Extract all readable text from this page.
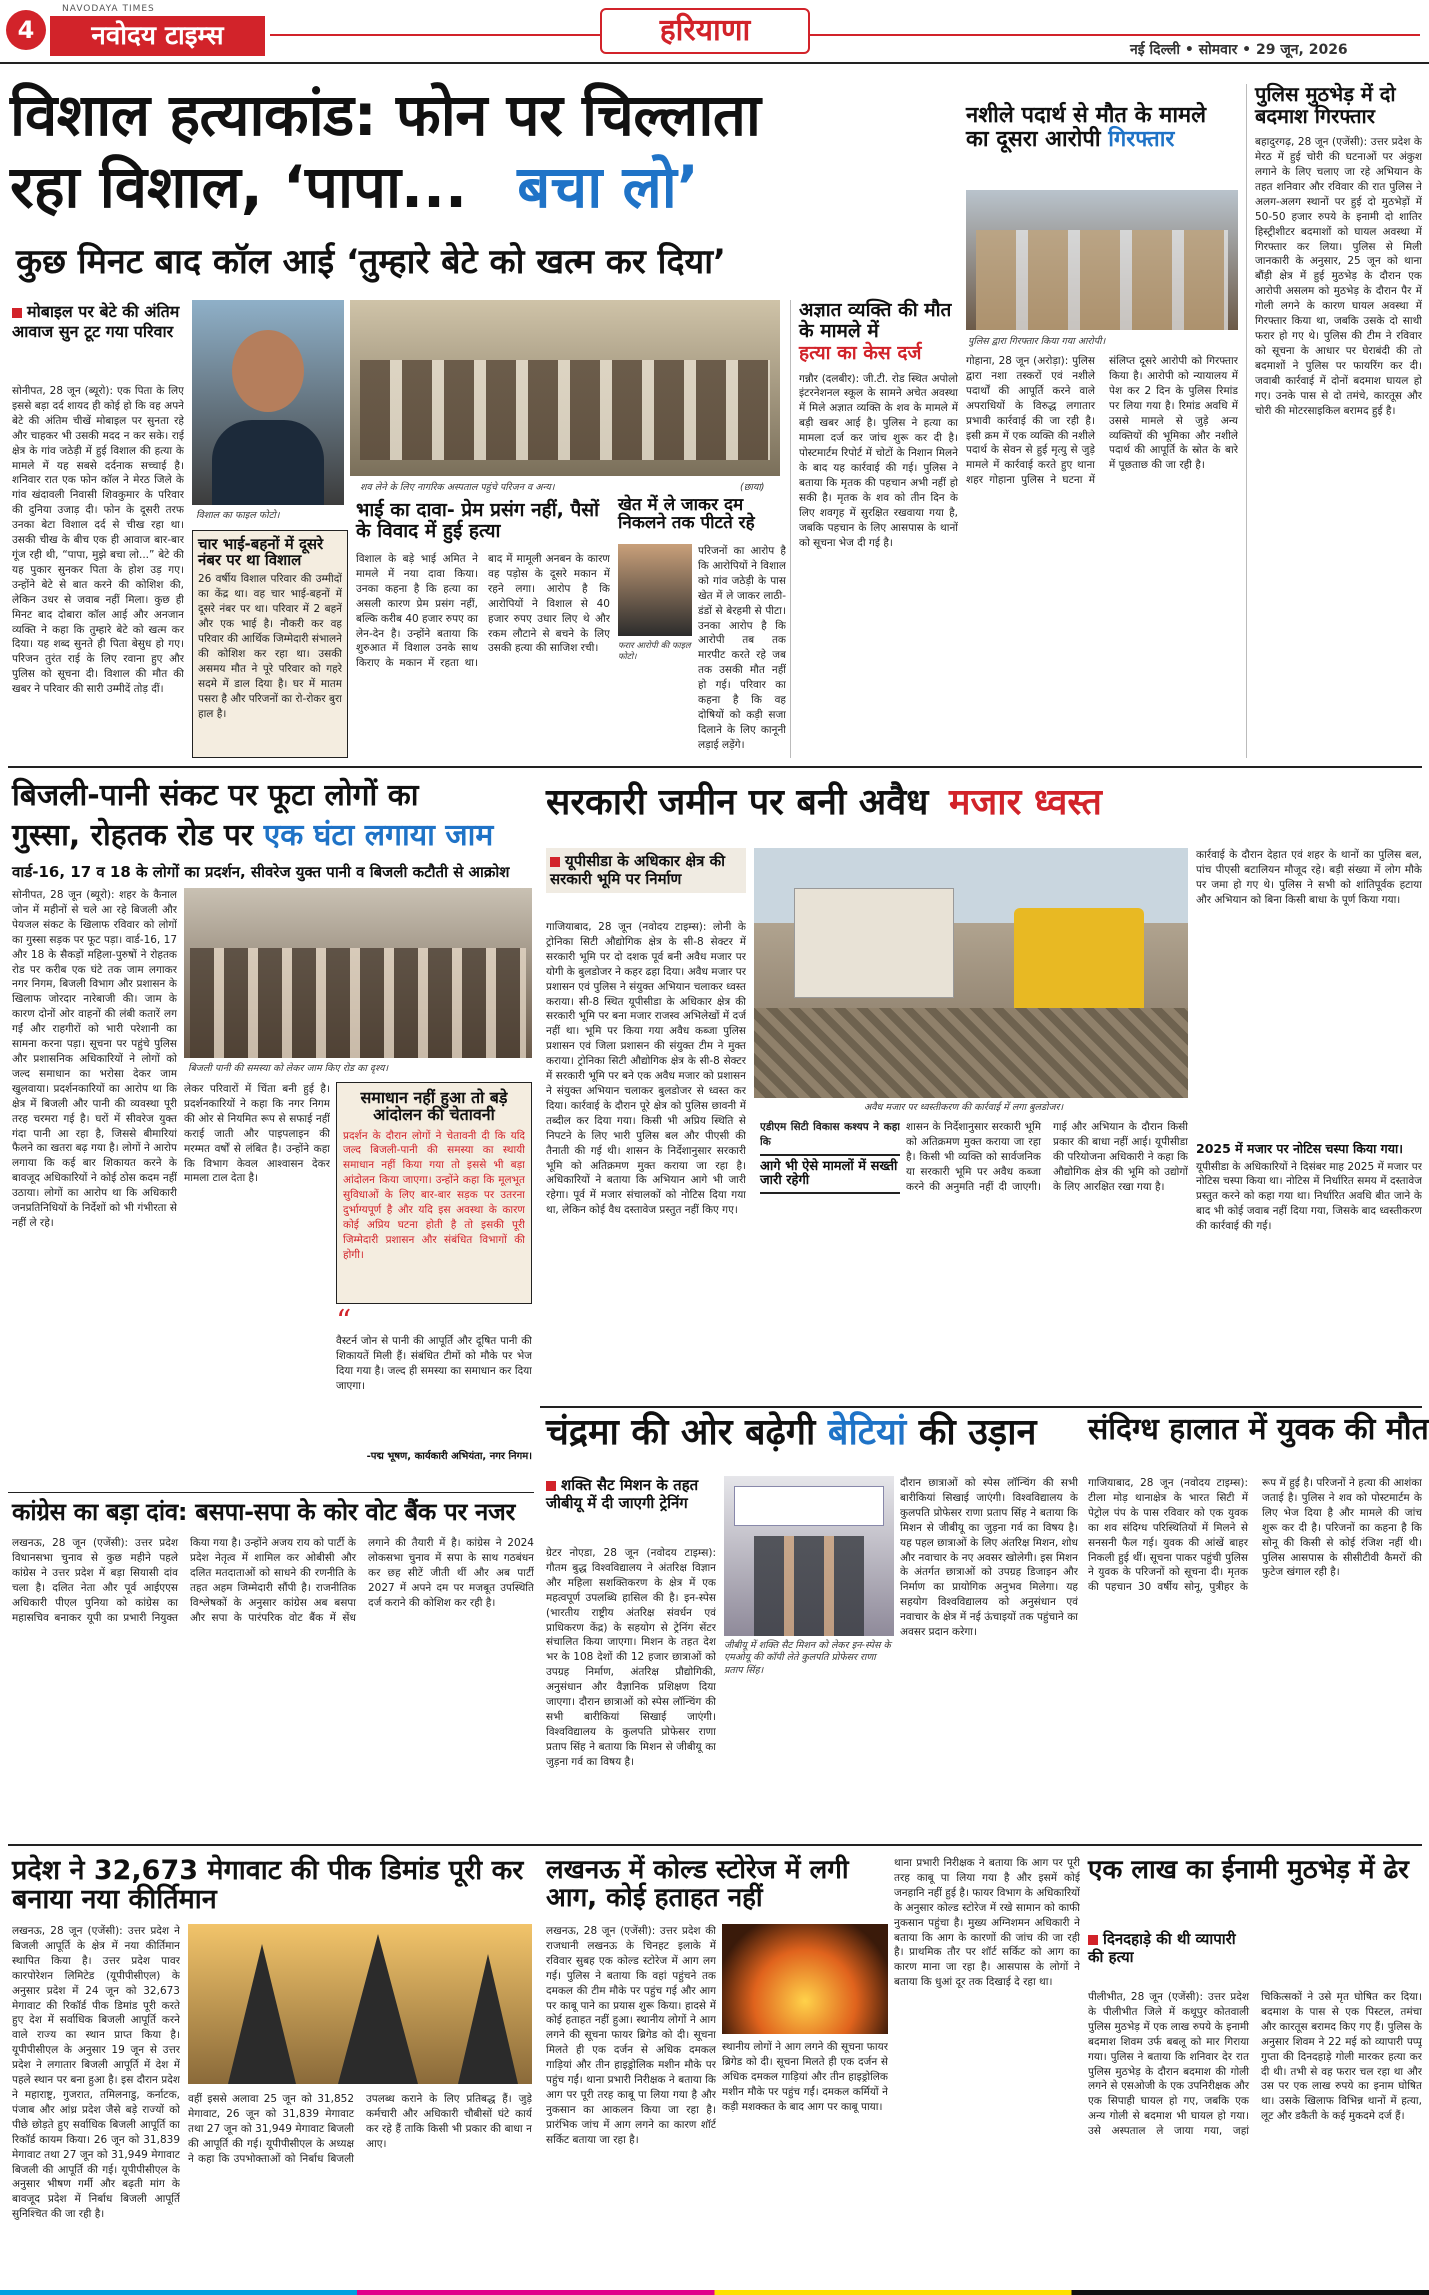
4
NAVODAYA TIMES
नवोदय टाइम्स	हरियाणा
नई दिल्ली • सोमवार • 29 जून, 2026
विशाल हत्याकांड: फोन पर चिल्लाता
रहा विशाल, ‘पापा... बचा लो’
कुछ मिनट बाद कॉल आई ‘तुम्हारे बेटे को खत्म कर दिया’
मोबाइल पर बेटे की अंतिम आवाज सुन टूट गया परिवार
सोनीपत, 28 जून (ब्यूरो): एक पिता के लिए इससे बड़ा दर्द शायद ही कोई हो कि वह अपने बेटे की अंतिम चीखें मोबाइल पर सुनता रहे और चाहकर भी उसकी मदद न कर सके। राई क्षेत्र के गांव जठेड़ी में हुई विशाल की हत्या के मामले में यह सबसे दर्दनाक सच्चाई है। शनिवार रात एक फोन कॉल ने मेरठ जिले के गांव खंदावली निवासी शिवकुमार के परिवार की दुनिया उजाड़ दी। फोन के दूसरी तरफ उनका बेटा विशाल दर्द से चीख रहा था। उसकी चीख के बीच एक ही आवाज बार-बार गूंज रही थी, “पापा, मुझे बचा लो...” बेटे की यह पुकार सुनकर पिता के होश उड़ गए। उन्होंने बेटे से बात करने की कोशिश की, लेकिन उधर से जवाब नहीं मिला। कुछ ही मिनट बाद दोबारा कॉल आई और अनजान व्यक्ति ने कहा कि तुम्हारे बेटे को खत्म कर दिया। यह शब्द सुनते ही पिता बेसुध हो गए। परिजन तुरंत राई के लिए रवाना हुए और पुलिस को सूचना दी। विशाल की मौत की खबर ने परिवार की सारी उम्मीदें तोड़ दीं।
विशाल का फाइल फोटो।
शव लेने के लिए नागरिक अस्पताल पहुंचे परिजन व अन्य।	(छाया)
चार भाई-बहनों में दूसरे नंबर पर था विशाल
26 वर्षीय विशाल परिवार की उम्मीदों का केंद्र था। वह चार भाई-बहनों में दूसरे नंबर पर था। परिवार में 2 बहनें और एक भाई है। नौकरी कर वह परिवार की आर्थिक जिम्मेदारी संभालने की कोशिश कर रहा था। उसकी असमय मौत ने पूरे परिवार को गहरे सदमे में डाल दिया है। घर में मातम पसरा है और परिजनों का रो-रोकर बुरा हाल है।
भाई का दावा- प्रेम प्रसंग नहीं, पैसों के विवाद में हुई हत्या
विशाल के बड़े भाई अमित ने मामले में नया दावा किया। उनका कहना है कि हत्या का असली कारण प्रेम प्रसंग नहीं, बल्कि करीब 40 हजार रुपए का लेन-देन है। उन्होंने बताया कि शुरुआत में विशाल उनके साथ किराए के मकान में रहता था। बाद में मामूली अनबन के कारण वह पड़ोस के दूसरे मकान में रहने लगा। आरोप है कि आरोपियों ने विशाल से 40 हजार रुपए उधार लिए थे और रकम लौटाने से बचने के लिए उसकी हत्या की साजिश रची।
खेत में ले जाकर दम निकलने तक पीटते रहे
फरार आरोपी की फाइल फोटो।
परिजनों का आरोप है कि आरोपियों ने विशाल को गांव जठेड़ी के पास खेत में ले जाकर लाठी-डंडों से बेरहमी से पीटा। उनका आरोप है कि आरोपी तब तक मारपीट करते रहे जब तक उसकी मौत नहीं हो गई। परिवार का कहना है कि वह दोषियों को कड़ी सजा दिलाने के लिए कानूनी लड़ाई लड़ेंगे।
अज्ञात व्यक्ति की मौत के मामले में
हत्या का केस दर्ज
गन्नौर (दलबीर): जी.टी. रोड स्थित अपोलो इंटरनेशनल स्कूल के सामने अचेत अवस्था में मिले अज्ञात व्यक्ति के शव के मामले में बड़ी खबर आई है। पुलिस ने हत्या का मामला दर्ज कर जांच शुरू कर दी है। पोस्टमार्टम रिपोर्ट में चोटों के निशान मिलने के बाद यह कार्रवाई की गई। पुलिस ने बताया कि मृतक की पहचान अभी नहीं हो सकी है। मृतक के शव को तीन दिन के लिए शवगृह में सुरक्षित रखवाया गया है, जबकि पहचान के लिए आसपास के थानों को सूचना भेज दी गई है।
नशीले पदार्थ से मौत के मामले का दूसरा आरोपी गिरफ्तार
पुलिस द्वारा गिरफ्तार किया गया आरोपी।
गोहाना, 28 जून (अरोड़ा): पुलिस द्वारा नशा तस्करों एवं नशीले पदार्थों की आपूर्ति करने वाले अपराधियों के विरुद्ध लगातार प्रभावी कार्रवाई की जा रही है। इसी क्रम में एक व्यक्ति की नशीले पदार्थ के सेवन से हुई मृत्यु से जुड़े मामले में कार्रवाई करते हुए थाना शहर गोहाना पुलिस ने घटना में संलिप्त दूसरे आरोपी को गिरफ्तार किया है। आरोपी को न्यायालय में पेश कर 2 दिन के पुलिस रिमांड पर लिया गया है। रिमांड अवधि में उससे मामले से जुड़े अन्य व्यक्तियों की भूमिका और नशीले पदार्थ की आपूर्ति के स्रोत के बारे में पूछताछ की जा रही है।
पुलिस मुठभेड़ में दो बदमाश गिरफ्तार
बहादुरगढ़, 28 जून (एजेंसी): उत्तर प्रदेश के मेरठ में हुई चोरी की घटनाओं पर अंकुश लगाने के लिए चलाए जा रहे अभियान के तहत शनिवार और रविवार की रात पुलिस ने अलग-अलग स्थानों पर हुई दो मुठभेड़ों में 50-50 हजार रुपये के इनामी दो शातिर हिस्ट्रीशीटर बदमाशों को घायल अवस्था में गिरफ्तार कर लिया। पुलिस से मिली जानकारी के अनुसार, 25 जून को थाना बौंड़ी क्षेत्र में हुई मुठभेड़ के दौरान एक आरोपी असलम को मुठभेड़ के दौरान पैर में गोली लगने के कारण घायल अवस्था में गिरफ्तार किया था, जबकि उसके दो साथी फरार हो गए थे। पुलिस की टीम ने रविवार को सूचना के आधार पर घेराबंदी की तो बदमाशों ने पुलिस पर फायरिंग कर दी। जवाबी कार्रवाई में दोनों बदमाश घायल हो गए। उनके पास से दो तमंचे, कारतूस और चोरी की मोटरसाइकिल बरामद हुई है।
बिजली-पानी संकट पर फूटा लोगों का
गुस्सा, रोहतक रोड पर एक घंटा लगाया जाम
वार्ड-16, 17 व 18 के लोगों का प्रदर्शन, सीवरेज युक्त पानी व बिजली कटौती से आक्रोश
सोनीपत, 28 जून (ब्यूरो): शहर के कैनाल जोन में महीनों से चले आ रहे बिजली और पेयजल संकट के खिलाफ रविवार को लोगों का गुस्सा सड़क पर फूट पड़ा। वार्ड-16, 17 और 18 के सैकड़ों महिला-पुरुषों ने रोहतक रोड पर करीब एक घंटे तक जाम लगाकर नगर निगम, बिजली विभाग और प्रशासन के खिलाफ जोरदार नारेबाजी की। जाम के कारण दोनों ओर वाहनों की लंबी कतारें लग गईं और राहगीरों को भारी परेशानी का सामना करना पड़ा। सूचना पर पहुंचे पुलिस और प्रशासनिक अधिकारियों ने लोगों को जल्द समाधान का भरोसा देकर जाम खुलवाया। प्रदर्शनकारियों का आरोप था कि क्षेत्र में बिजली और पानी की व्यवस्था पूरी तरह चरमरा गई है। घरों में सीवरेज युक्त गंदा पानी आ रहा है, जिससे बीमारियां फैलने का खतरा बढ़ गया है। लोगों ने आरोप लगाया कि कई बार शिकायत करने के बावजूद अधिकारियों ने कोई ठोस कदम नहीं उठाया। लोगों का आरोप था कि अधिकारी जनप्रतिनिधियों के निर्देशों को भी गंभीरता से नहीं ले रहे।
बिजली पानी की समस्या को लेकर जाम किए रोड का दृश्य।
समाधान नहीं हुआ तो बड़े आंदोलन की चेतावनी
प्रदर्शन के दौरान लोगों ने चेतावनी दी कि यदि जल्द बिजली-पानी की समस्या का स्थायी समाधान नहीं किया गया तो इससे भी बड़ा आंदोलन किया जाएगा। उन्होंने कहा कि मूलभूत सुविधाओं के लिए बार-बार सड़क पर उतरना दुर्भाग्यपूर्ण है और यदि इस अवस्था के कारण कोई अप्रिय घटना होती है तो इसकी पूरी जिम्मेदारी प्रशासन और संबंधित विभागों की होगी।
लेकर परिवारों में चिंता बनी हुई है। प्रदर्शनकारियों ने कहा कि नगर निगम की ओर से नियमित रूप से सफाई नहीं कराई जाती और पाइपलाइन की मरम्मत वर्षों से लंबित है। उन्होंने कहा कि विभाग केवल आश्वासन देकर मामला टाल देता है।
“
वैस्टर्न जोन से पानी की आपूर्ति और दूषित पानी की शिकायतें मिली हैं। संबंधित टीमों को मौके पर भेज दिया गया है। जल्द ही समस्या का समाधान कर दिया जाएगा।
-पद्म भूषण, कार्यकारी अभियंता, नगर निगम।
सरकारी जमीन पर बनी अवैध मजार ध्वस्त
यूपीसीडा के अधिकार क्षेत्र की सरकारी भूमि पर निर्माण
गाजियाबाद, 28 जून (नवोदय टाइम्स): लोनी के ट्रोनिका सिटी औद्योगिक क्षेत्र के सी-8 सेक्टर में सरकारी भूमि पर दो दशक पूर्व बनी अवैध मजार पर योगी के बुलडोजर ने कहर ढहा दिया। अवैध मजार पर प्रशासन एवं पुलिस ने संयुक्त अभियान चलाकर ध्वस्त कराया। सी-8 स्थित यूपीसीडा के अधिकार क्षेत्र की सरकारी भूमि पर बना मजार राजस्व अभिलेखों में दर्ज नहीं था। भूमि पर किया गया अवैध कब्जा पुलिस प्रशासन एवं जिला प्रशासन की संयुक्त टीम ने मुक्त कराया। ट्रोनिका सिटी औद्योगिक क्षेत्र के सी-8 सेक्टर में सरकारी भूमि पर बने एक अवैध मजार को प्रशासन ने संयुक्त अभियान चलाकर बुलडोजर से ध्वस्त कर दिया। कार्रवाई के दौरान पूरे क्षेत्र को पुलिस छावनी में तब्दील कर दिया गया। किसी भी अप्रिय स्थिति से निपटने के लिए भारी पुलिस बल और पीएसी की तैनाती की गई थी। शासन के निर्देशानुसार सरकारी भूमि को अतिक्रमण मुक्त कराया जा रहा है। अधिकारियों ने बताया कि अभियान आगे भी जारी रहेगा। पूर्व में मजार संचालकों को नोटिस दिया गया था, लेकिन कोई वैध दस्तावेज प्रस्तुत नहीं किए गए।
अवैध मजार पर ध्वस्तीकरण की कार्रवाई में लगा बुलडोजर।
एडीएम सिटी विकास कश्यप ने कहा कि
आगे भी ऐसे मामलों में सख्ती जारी रहेगी
शासन के निर्देशानुसार सरकारी भूमि को अतिक्रमण मुक्त कराया जा रहा है। किसी भी व्यक्ति को सार्वजनिक या सरकारी भूमि पर अवैध कब्जा करने की अनुमति नहीं दी जाएगी। गाई और अभियान के दौरान किसी प्रकार की बाधा नहीं आई। यूपीसीडा की परियोजना अधिकारी ने कहा कि औद्योगिक क्षेत्र की भूमि को उद्योगों के लिए आरक्षित रखा गया है।
कार्रवाई के दौरान देहात एवं शहर के थानों का पुलिस बल, पांच पीएसी बटालियन मौजूद रहे। बड़ी संख्या में लोग मौके पर जमा हो गए थे। पुलिस ने सभी को शांतिपूर्वक हटाया और अभियान को बिना किसी बाधा के पूर्ण किया गया।
2025 में मजार पर नोटिस चस्पा किया गया।
यूपीसीडा के अधिकारियों ने दिसंबर माह 2025 में मजार पर नोटिस चस्पा किया था। नोटिस में निर्धारित समय में दस्तावेज प्रस्तुत करने को कहा गया था। निर्धारित अवधि बीत जाने के बाद भी कोई जवाब नहीं दिया गया, जिसके बाद ध्वस्तीकरण की कार्रवाई की गई।
चंद्रमा की ओर बढ़ेगी बेटियां की उड़ान
शक्ति सैट मिशन के तहत जीबीयू में दी जाएगी ट्रेनिंग
ग्रेटर नोएडा, 28 जून (नवोदय टाइम्स): गौतम बुद्ध विश्वविद्यालय ने अंतरिक्ष विज्ञान और महिला सशक्तिकरण के क्षेत्र में एक महत्वपूर्ण उपलब्धि हासिल की है। इन-स्पेस (भारतीय राष्ट्रीय अंतरिक्ष संवर्धन एवं प्राधिकरण केंद्र) के सहयोग से ट्रेनिंग सेंटर संचालित किया जाएगा। मिशन के तहत देश भर के 108 देशों की 12 हजार छात्राओं को उपग्रह निर्माण, अंतरिक्ष प्रौद्योगिकी, अनुसंधान और वैज्ञानिक प्रशिक्षण दिया जाएगा। दौरान छात्राओं को स्पेस लॉन्चिंग की सभी बारीकियां सिखाई जाएंगी। विश्वविद्यालय के कुलपति प्रोफेसर राणा प्रताप सिंह ने बताया कि मिशन से जीबीयू का जुड़ना गर्व का विषय है।
जीबीयू में शक्ति सैट मिशन को लेकर इन-स्पेस के एमओयू की कॉपी लेते कुलपति प्रोफेसर राणा प्रताप सिंह।
दौरान छात्राओं को स्पेस लॉन्चिंग की सभी बारीकियां सिखाई जाएंगी। विश्वविद्यालय के कुलपति प्रोफेसर राणा प्रताप सिंह ने बताया कि मिशन से जीबीयू का जुड़ना गर्व का विषय है। यह पहल छात्राओं के लिए अंतरिक्ष मिशन, शोध और नवाचार के नए अवसर खोलेगी। इस मिशन के अंतर्गत छात्राओं को उपग्रह डिजाइन और निर्माण का प्रायोगिक अनुभव मिलेगा। यह सहयोग विश्वविद्यालय को अनुसंधान एवं नवाचार के क्षेत्र में नई ऊंचाइयों तक पहुंचाने का अवसर प्रदान करेगा।
संदिग्ध हालात में युवक की मौत
गाजियाबाद, 28 जून (नवोदय टाइम्स): टीला मोड़ थानाक्षेत्र के भारत सिटी में पेट्रोल पंप के पास रविवार को एक युवक का शव संदिग्ध परिस्थितियों में मिलने से सनसनी फैल गई। युवक की आंखें बाहर निकली हुई थीं। सूचना पाकर पहुंची पुलिस ने युवक के परिजनों को सूचना दी। मृतक की पहचान 30 वर्षीय सोनू, पुत्रीहर के रूप में हुई है। परिजनों ने हत्या की आशंका जताई है। पुलिस ने शव को पोस्टमार्टम के लिए भेज दिया है और मामले की जांच शुरू कर दी है। परिजनों का कहना है कि सोनू की किसी से कोई रंजिश नहीं थी। पुलिस आसपास के सीसीटीवी कैमरों की फुटेज खंगाल रही है।
कांग्रेस का बड़ा दांव: बसपा-सपा के कोर वोट बैंक पर नजर
लखनऊ, 28 जून (एजेंसी): उत्तर प्रदेश विधानसभा चुनाव से कुछ महीने पहले कांग्रेस ने उत्तर प्रदेश में बड़ा सियासी दांव चला है। दलित नेता और पूर्व आईएएस अधिकारी पीएल पुनिया को कांग्रेस का महासचिव बनाकर यूपी का प्रभारी नियुक्त किया गया है। उन्होंने अजय राय को पार्टी के प्रदेश नेतृत्व में शामिल कर ओबीसी और दलित मतदाताओं को साधने की रणनीति के तहत अहम जिम्मेदारी सौंपी है। राजनीतिक विश्लेषकों के अनुसार कांग्रेस अब बसपा और सपा के पारंपरिक वोट बैंक में सेंध लगाने की तैयारी में है। कांग्रेस ने 2024 लोकसभा चुनाव में सपा के साथ गठबंधन कर छह सीटें जीती थीं और अब पार्टी 2027 में अपने दम पर मजबूत उपस्थिति दर्ज कराने की कोशिश कर रही है।
प्रदेश ने 32,673 मेगावाट की पीक डिमांड पूरी कर बनाया नया कीर्तिमान
लखनऊ, 28 जून (एजेंसी): उत्तर प्रदेश ने बिजली आपूर्ति के क्षेत्र में नया कीर्तिमान स्थापित किया है। उत्तर प्रदेश पावर कारपोरेशन लिमिटेड (यूपीपीसीएल) के अनुसार प्रदेश में 24 जून को 32,673 मेगावाट की रिकॉर्ड पीक डिमांड पूरी करते हुए देश में सर्वाधिक बिजली आपूर्ति करने वाले राज्य का स्थान प्राप्त किया है। यूपीपीसीएल के अनुसार 19 जून से उत्तर प्रदेश ने लगातार बिजली आपूर्ति में देश में पहले स्थान पर बना हुआ है। इस दौरान प्रदेश ने महाराष्ट्र, गुजरात, तमिलनाडु, कर्नाटक, पंजाब और आंध्र प्रदेश जैसे बड़े राज्यों को पीछे छोड़ते हुए सर्वाधिक बिजली आपूर्ति का रिकॉर्ड कायम किया। 26 जून को 31,839 मेगावाट तथा 27 जून को 31,949 मेगावाट बिजली की आपूर्ति की गई। यूपीपीसीएल के अनुसार भीषण गर्मी और बढ़ती मांग के बावजूद प्रदेश में निर्बाध बिजली आपूर्ति सुनिश्चित की जा रही है।
वहीं इससे अलावा 25 जून को 31,852 मेगावाट, 26 जून को 31,839 मेगावाट तथा 27 जून को 31,949 मेगावाट बिजली की आपूर्ति की गई। यूपीपीसीएल के अध्यक्ष ने कहा कि उपभोक्ताओं को निर्बाध बिजली उपलब्ध कराने के लिए प्रतिबद्ध हैं। जुड़े कर्मचारी और अधिकारी चौबीसों घंटे कार्य कर रहे हैं ताकि किसी भी प्रकार की बाधा न आए।
लखनऊ में कोल्ड स्टोरेज में लगी आग, कोई हताहत नहीं
लखनऊ, 28 जून (एजेंसी): उत्तर प्रदेश की राजधानी लखनऊ के चिनहट इलाके में रविवार सुबह एक कोल्ड स्टोरेज में आग लग गई। पुलिस ने बताया कि वहां पहुंचने तक दमकल की टीम मौके पर पहुंच गई और आग पर काबू पाने का प्रयास शुरू किया। हादसे में कोई हताहत नहीं हुआ। स्थानीय लोगों ने आग लगने की सूचना फायर ब्रिगेड को दी। सूचना मिलते ही एक दर्जन से अधिक दमकल गाड़ियां और तीन हाइड्रोलिक मशीन मौके पर पहुंच गईं। थाना प्रभारी निरीक्षक ने बताया कि आग पर पूरी तरह काबू पा लिया गया है और नुकसान का आकलन किया जा रहा है। प्रारंभिक जांच में आग लगने का कारण शॉर्ट सर्किट बताया जा रहा है।
स्थानीय लोगों ने आग लगने की सूचना फायर ब्रिगेड को दी। सूचना मिलते ही एक दर्जन से अधिक दमकल गाड़ियां और तीन हाइड्रोलिक मशीन मौके पर पहुंच गईं। दमकल कर्मियों ने कड़ी मशक्कत के बाद आग पर काबू पाया।
थाना प्रभारी निरीक्षक ने बताया कि आग पर पूरी तरह काबू पा लिया गया है और इसमें कोई जनहानि नहीं हुई है। फायर विभाग के अधिकारियों के अनुसार कोल्ड स्टोरेज में रखे सामान को काफी नुकसान पहुंचा है। मुख्य अग्निशमन अधिकारी ने बताया कि आग के कारणों की जांच की जा रही है। प्राथमिक तौर पर शॉर्ट सर्किट को आग का कारण माना जा रहा है। आसपास के लोगों ने बताया कि धुआं दूर तक दिखाई दे रहा था।
एक लाख का ईनामी मुठभेड़ में ढेर
दिनदहाड़े की थी व्यापारी की हत्या
पीलीभीत, 28 जून (एजेंसी): उत्तर प्रदेश के पीलीभीत जिले में कथूपुर कोतवाली पुलिस मुठभेड़ में एक लाख रुपये के इनामी बदमाश शिवम उर्फ बबलू को मार गिराया गया। पुलिस ने बताया कि शनिवार देर रात पुलिस मुठभेड़ के दौरान बदमाश की गोली लगने से एसओजी के एक उपनिरीक्षक और एक सिपाही घायल हो गए, जबकि एक अन्य गोली से बदमाश भी घायल हो गया। उसे अस्पताल ले जाया गया, जहां चिकित्सकों ने उसे मृत घोषित कर दिया। बदमाश के पास से एक पिस्टल, तमंचा और कारतूस बरामद किए गए हैं। पुलिस के अनुसार शिवम ने 22 मई को व्यापारी पप्पू गुप्ता की दिनदहाड़े गोली मारकर हत्या कर दी थी। तभी से वह फरार चल रहा था और उस पर एक लाख रुपये का इनाम घोषित था। उसके खिलाफ विभिन्न थानों में हत्या, लूट और डकैती के कई मुकदमे दर्ज हैं।
